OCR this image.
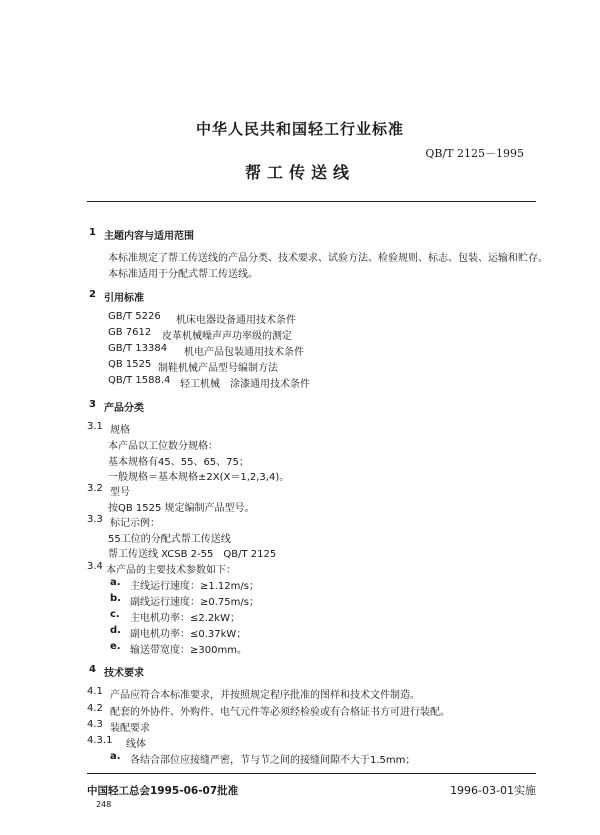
中华人民共和国轻工行业标准
QB/T 2125－1995
帮工传送线
1 主题内容与适用范围
本标准规定了帮工传送线的产品分类、技术要求、试验方法、检验规则、标志、包装、运输和贮存。
本标准适用于分配式帮工传送线。
2 引用标准
GB/T 5226 机床电器设备通用技术条件
GB 7612 皮革机械噪声声功率级的测定
GB/T 13384 机电产品包装通用技术条件
QB 1525 制鞋机械产品型号编制方法
QB/T 1588.4 轻工机械　涂漆通用技术条件
3 产品分类
3.1 规格
本产品以工位数分规格：
基本规格有45、55、65、75；
一般规格＝基本规格±2X(X＝1,2,3,4)。
3.2 型号
按QB 1525 规定编制产品型号。
3.3 标记示例：
55工位的分配式帮工传送线
帮工传送线 XCSB 2-55　QB/T 2125
3.4 本产品的主要技术参数如下：
a. 主线运行速度：≥1.12m/s；
b. 副线运行速度：≥0.75m/s；
c. 主电机功率：≤2.2kW；
d. 副电机功率：≤0.37kW；
e. 输送带宽度：≥300mm。
4 技术要求
4.1 产品应符合本标准要求，并按照规定程序批准的图样和技术文件制造。
4.2 配套的外协件、外购件、电气元件等必须经检验或有合格证书方可进行装配。
4.3 装配要求
4.3.1 线体
a. 各结合部位应接缝严密，节与节之间的接缝间隙不大于1.5mm；
中国轻工总会1995-06-07批准	1996-03-01实施
248
